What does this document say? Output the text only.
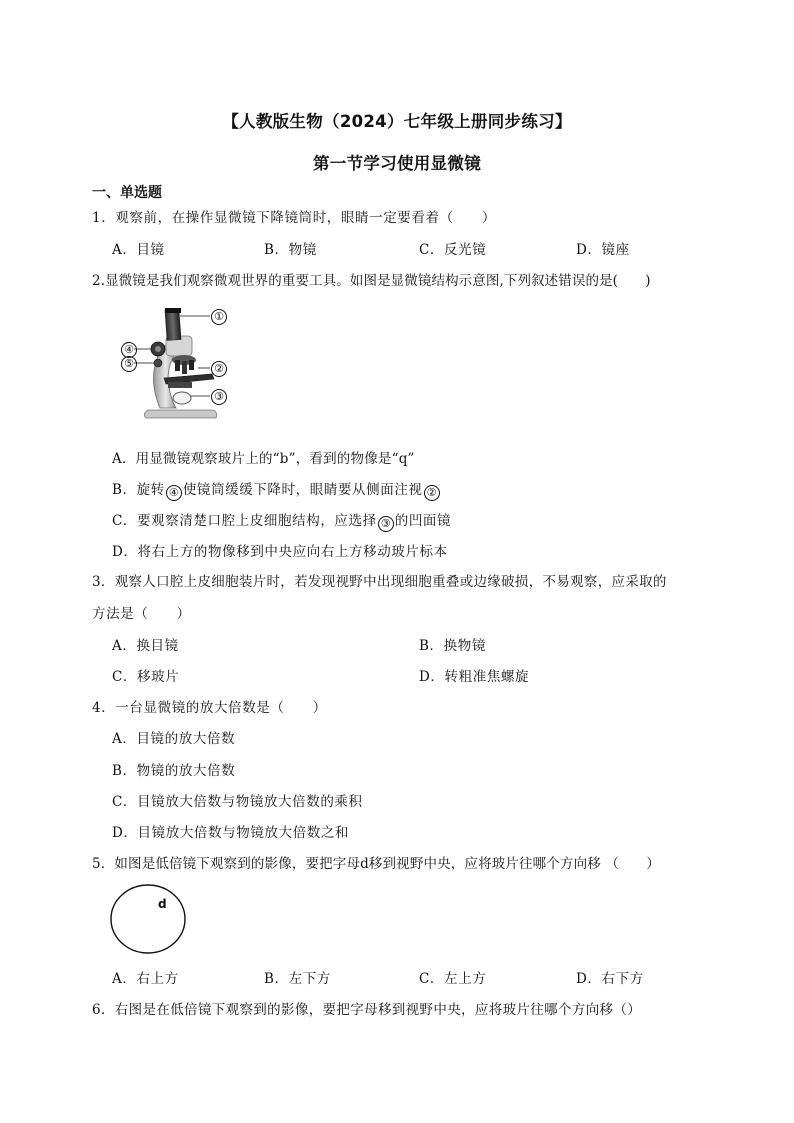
【人教版生物（2024）七年级上册同步练习】
第一节学习使用显微镜
一、单选题
1．观察前，在操作显微镜下降镜筒时，眼睛一定要看着（　　）
A．目镜	B．物镜	C．反光镜	D．镜座
2.显微镜是我们观察微观世界的重要工具。如图是显微镜结构示意图,下列叙述错误的是(　　)
①
②
③
④
⑤
A．用显微镜观察玻片上的“b”，看到的物像是“q”
B．旋转 ④ 使镜筒缓缓下降时，眼睛要从侧面注视 ②
C．要观察清楚口腔上皮细胞结构，应选择 ③ 的凹面镜
D．将右上方的物像移到中央应向右上方移动玻片标本
3．观察人口腔上皮细胞装片时，若发现视野中出现细胞重叠或边缘破损，不易观察，应采取的
方法是（　　）
A．换目镜	B．换物镜
C．移玻片	D．转粗准焦螺旋
4．一台显微镜的放大倍数是（　　）
A．目镜的放大倍数
B．物镜的放大倍数
C．目镜放大倍数与物镜放大倍数的乘积
D．目镜放大倍数与物镜放大倍数之和
5．如图是低倍镜下观察到的影像，要把字母d移到视野中央，应将玻片往哪个方向移 （　　）
d
A．右上方	B．左下方	C．左上方	D．右下方
6．右图是在低倍镜下观察到的影像，要把字母移到视野中央，应将玻片往哪个方向移（）
